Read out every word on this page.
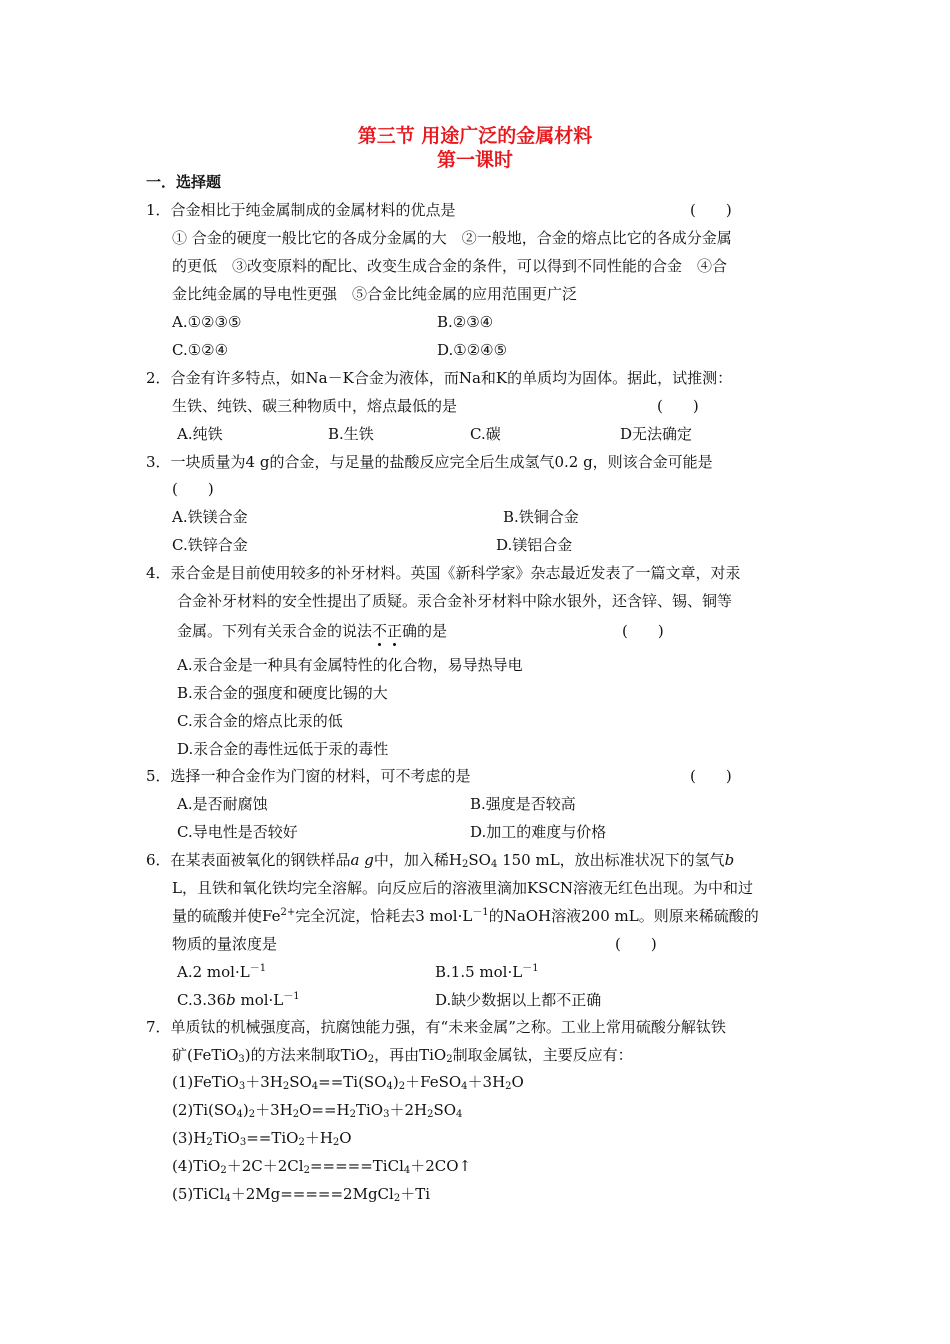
第三节 用途广泛的金属材料
第一课时
一．选择题
1．合金相比于纯金属制成的金属材料的优点是	(　　)
① 合金的硬度一般比它的各成分金属的大　②一般地，合金的熔点比它的各成分金属
的更低　③改变原料的配比、改变生成合金的条件，可以得到不同性能的合金　④合
金比纯金属的导电性更强　⑤合金比纯金属的应用范围更广泛
A.①②③⑤	B.②③④
C.①②④	D.①②④⑤
2．合金有许多特点，如Na－K合金为液体，而Na和K的单质均为固体。据此，试推测：
生铁、纯铁、碳三种物质中，熔点最低的是	(　　)
A.纯铁	B.生铁	C.碳	D无法确定
3．一块质量为4 g的合金，与足量的盐酸反应完全后生成氢气0.2 g，则该合金可能是
(　　)
A.铁镁合金	B.铁铜合金
C.铁锌合金	D.镁铝合金
4．汞合金是目前使用较多的补牙材料。英国《新科学家》杂志最近发表了一篇文章，对汞
合金补牙材料的安全性提出了质疑。汞合金补牙材料中除水银外，还含锌、锡、铜等
金属。下列有关汞合金的说法不正确的是	(　　)
A.汞合金是一种具有金属特性的化合物，易导热导电
B.汞合金的强度和硬度比锡的大
C.汞合金的熔点比汞的低
D.汞合金的毒性远低于汞的毒性
5．选择一种合金作为门窗的材料，可不考虑的是	(　　)
A.是否耐腐蚀	B.强度是否较高
C.导电性是否较好	D.加工的难度与价格
6．在某表面被氧化的钢铁样品a g中，加入稀$H_2SO_4$ 150 mL，放出标准状况下的氢气b
L，且铁和氧化铁均完全溶解。向反应后的溶液里滴加KSCN溶液无红色出现。为中和过
量的硫酸并使$Fe^{2+}$完全沉淀，恰耗去3 $mol\cdot L^{-1}$的NaOH溶液200 mL。则原来稀硫酸的
物质的量浓度是	(　　)
A.2 $mol\cdot L^{-1}$	B.1.5 $mol\cdot L^{-1}$
C.3.36b $mol\cdot L^{-1}$	D.缺少数据以上都不正确
7．单质钛的机械强度高，抗腐蚀能力强，有“未来金属”之称。工业上常用硫酸分解钛铁
矿(FeTiO$_3$)的方法来制取TiO$_2$，再由TiO$_2$制取金属钛，主要反应有：
$(1)FeTiO_3+3H_2SO_4==Ti(SO_4)_2+FeSO_4+3H_2O$
$(2)Ti(SO_4)_2+3H_2O==H_2TiO_3+2H_2SO_4$
$(3)H_2TiO_3==TiO_2+H_2O$
$(4)TiO_2+2C+2Cl_2=====TiCl_4+2CO↑$
(5)TiCl$_4$＋2Mg=====2MgCl$_2$＋Ti
